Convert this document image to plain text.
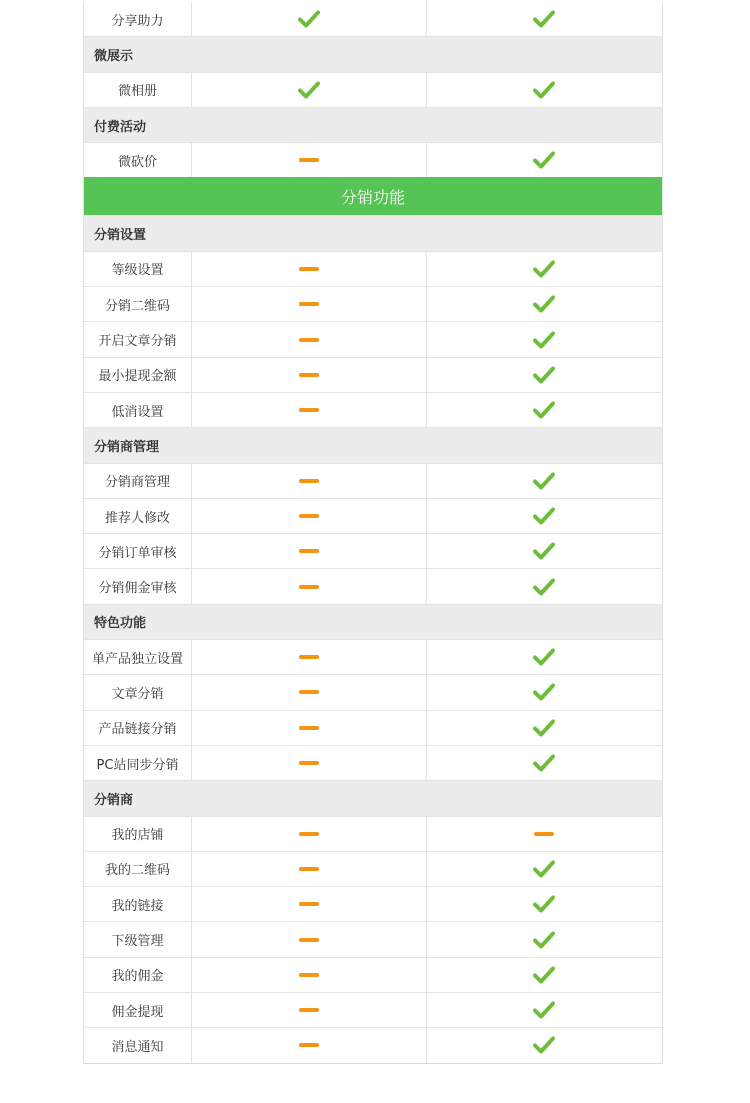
分享助力
微展示
微相册
付费活动
微砍价
分销功能
分销设置
等级设置
分销二维码
开启文章分销
最小提现金额
低消设置
分销商管理
分销商管理
推荐人修改
分销订单审核
分销佣金审核
特色功能
单产品独立设置
文章分销
产品链接分销
PC站同步分销
分销商
我的店铺
我的二维码
我的链接
下级管理
我的佣金
佣金提现
消息通知
